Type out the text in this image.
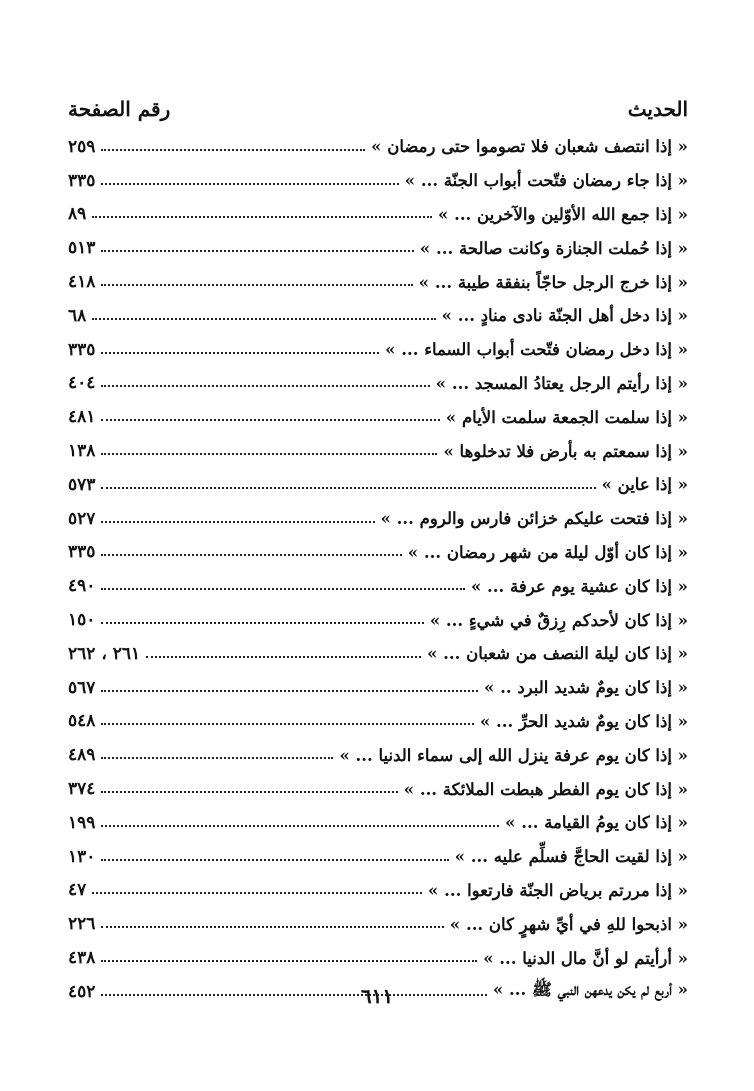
الحديث
رقم الصفحة
« إذا انتصف شعبان فلا تصوموا حتى رمضان »
٢٥٩
« إذا جاء رمضان فتّحت أبواب الجنّة ... »
٣٣٥
« إذا جمع الله الأوّلين والآخرين ... »
٨٩
« إذا حُملت الجنازة وكانت صالحة ... »
٥١٣
« إذا خرج الرجل حاجّاً بنفقة طيبة ... »
٤١٨
« إذا دخل أهل الجنّة نادى منادٍ ... »
٦٨
« إذا دخل رمضان فتّحت أبواب السماء ... »
٣٣٥
« إذا رأيتم الرجل يعتادُ المسجد ... »
٤٠٤
« إذا سلمت الجمعة سلمت الأيام »
٤٨١
« إذا سمعتم به بأرض فلا تدخلوها »
١٣٨
« إذا عاين »
٥٧٣
« إذا فتحت عليكم خزائن فارس والروم ... »
٥٢٧
« إذا كان أوّل ليلة من شهر رمضان ... »
٣٣٥
« إذا كان عشية يوم عرفة ... »
٤٩٠
« إذا كان لأحدكم رِزقٌ في شيءٍ ... »
١٥٠
« إذا كان ليلة النصف من شعبان ... »
٢٦١ ، ٢٦٢
« إذا كان يومٌ شديد البرد .. »
٥٦٧
« إذا كان يومٌ شديد الحرِّ ... »
٥٤٨
« إذا كان يوم عرفة ينزل الله إلى سماء الدنيا ... »
٤٨٩
« إذا كان يوم الفطر هبطت الملائكة ... »
٣٧٤
« إذا كان يومُ القيامة ... »
١٩٩
« إذا لقيت الحاجَّ فسلِّم عليه ... »
١٣٠
« إذا مررتم برياض الجنّة فارتعوا ... »
٤٧
« اذبحوا للهِ في أيِّ شهرٍ كان ... »
٢٢٦
« أرأيتم لو أنَّ مال الدنيا ... »
٤٣٨
« أربع لم يكن يدعهن النبي ﷺ ... »
٤٥٢	٦١١
